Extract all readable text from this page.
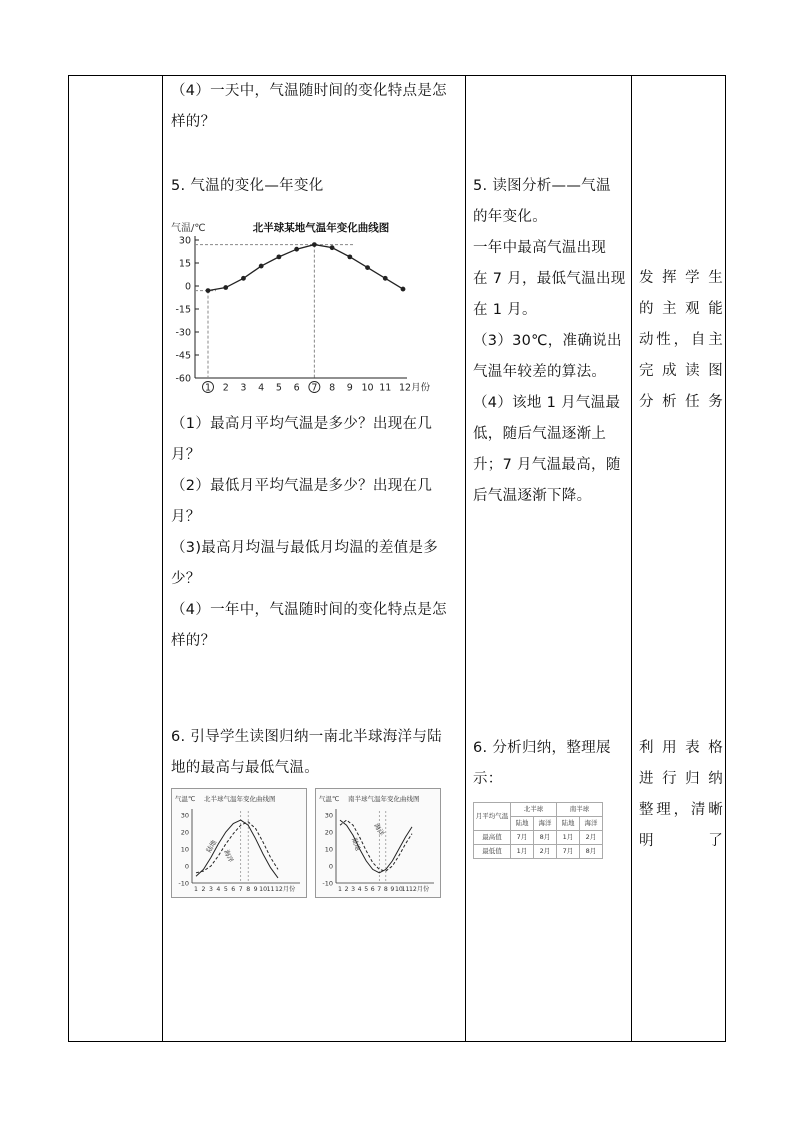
（4）一天中，气温随时间的变化特点是怎

样的？

5. 气温的变化—年变化
气温/℃	北半球某地气温年变化曲线图
30
15
0
-15
-30
-45
-60
1 2 3 4 5 6 7 8 9 10 11 12月份

（1）最高月平均气温是多少？出现在几

月？

（2）最低月平均气温是多少？出现在几

月？

（3)最高月均温与最低月均温的差值是多

少？

（4）一年中，气温随时间的变化特点是怎

样的？

6. 引导学生读图归纳一南北半球海洋与陆

地的最高与最低气温。

气温℃ 北半球气温年变化曲线图
30
20
10
0
-10
1 2 3 4 5 6 7 8 9 10 11 12月份
陆地
海洋
气温℃ 南半球气温年变化曲线图
30
20
10
0
-10
1 2 3 4 5 6 7 8 9 10
11 12月份
陆地
海洋

5. 读图分析——气温

的年变化。

一年中最高气温出现

在 7 月，最低气温出现

在 1 月。

（3）30℃，准确说出

气温年较差的算法。

（4）该地 1 月气温最

低，随后气温逐渐上

升；7 月气温最高，随

后气温逐渐下降。

6. 分析归纳，整理展

示：

月平均气温	北半球		南半球	
	陆地	海洋	陆地	海洋
最高值	7月	8月	1月	2月
最低值	1月	2月	7月	8月

发挥学生

的主观能

动性，自主

完成读图

分析任务

利用表格

进行归纳

整理，清晰

明了
